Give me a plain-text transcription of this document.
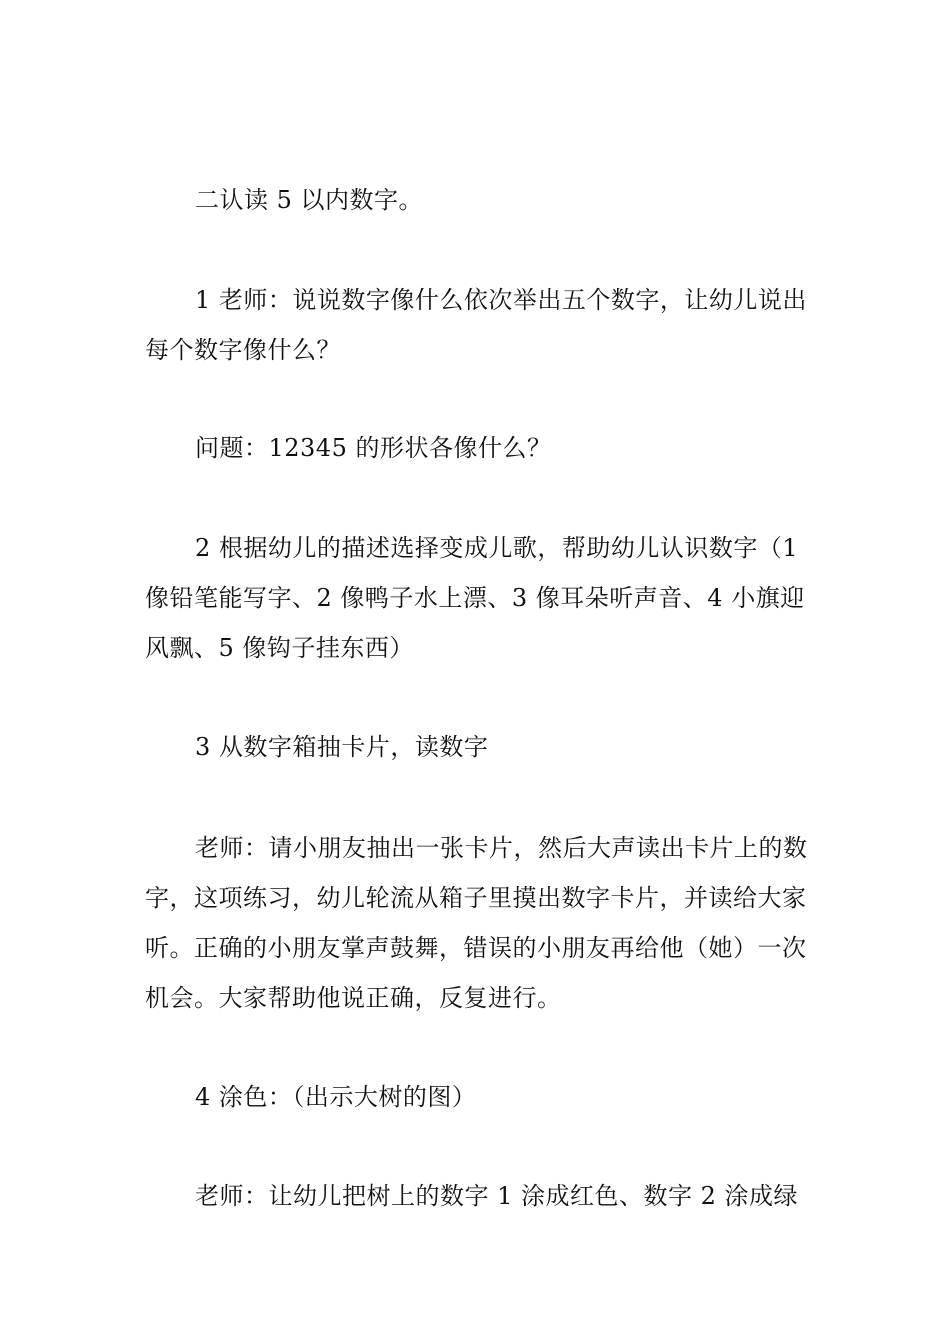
二认读 5 以内数字。

1 老师：说说数字像什么依次举出五个数字，让幼儿说出每个数字像什么？

问题：12345 的形状各像什么？

2 根据幼儿的描述选择变成儿歌，帮助幼儿认识数字（1 像铅笔能写字、2 像鸭子水上漂、3 像耳朵听声音、4 小旗迎风飘、5 像钩子挂东西）

3 从数字箱抽卡片，读数字

老师：请小朋友抽出一张卡片，然后大声读出卡片上的数字，这项练习，幼儿轮流从箱子里摸出数字卡片，并读给大家听。正确的小朋友掌声鼓舞，错误的小朋友再给他（她）一次机会。大家帮助他说正确，反复进行。

4 涂色：（出示大树的图）

老师：让幼儿把树上的数字 1 涂成红色、数字 2 涂成绿
